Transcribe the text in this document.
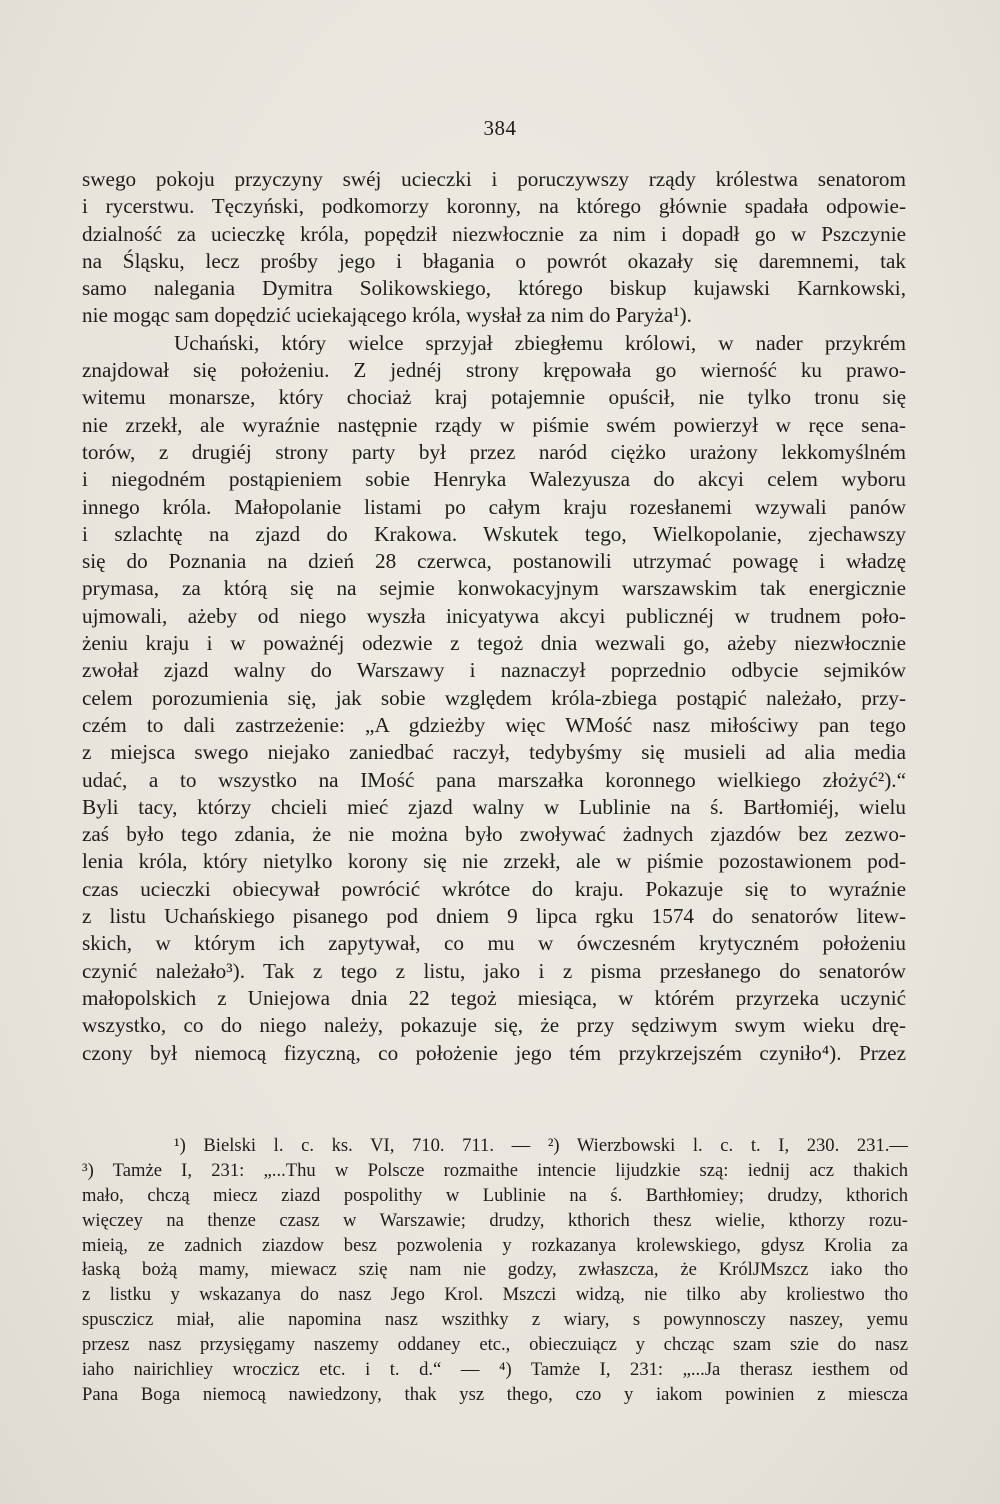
384
swego pokoju przyczyny swéj ucieczki i poruczywszy rządy królestwa senatorom
i rycerstwu. Tęczyński, podkomorzy koronny, na którego głównie spadała odpowie-
dzialność za ucieczkę króla, popędził niezwłocznie za nim i dopadł go w Pszczynie
na Śląsku, lecz prośby jego i błagania o powrót okazały się daremnemi, tak
samo nalegania Dymitra Solikowskiego, którego biskup kujawski Karnkowski,
nie mogąc sam dopędzić uciekającego króla, wysłał za nim do Paryża¹).
Uchański, który wielce sprzyjał zbiegłemu królowi, w nader przykrém
znajdował się położeniu. Z jednéj strony krępowała go wierność ku prawo-
witemu monarsze, który chociaż kraj potajemnie opuścił, nie tylko tronu się
nie zrzekł, ale wyraźnie następnie rządy w piśmie swém powierzył w ręce sena-
torów, z drugiéj strony party był przez naród ciężko urażony lekkomyślném
i niegodném postąpieniem sobie Henryka Walezyusza do akcyi celem wyboru
innego króla. Małopolanie listami po całym kraju rozesłanemi wzywali panów
i szlachtę na zjazd do Krakowa. Wskutek tego, Wielkopolanie, zjechawszy
się do Poznania na dzień 28 czerwca, postanowili utrzymać powagę i władzę
prymasa, za którą się na sejmie konwokacyjnym warszawskim tak energicznie
ujmowali, ażeby od niego wyszła inicyatywa akcyi publicznéj w trudnem poło-
żeniu kraju i w poważnéj odezwie z tegoż dnia wezwali go, ażeby niezwłocznie
zwołał zjazd walny do Warszawy i naznaczył poprzednio odbycie sejmików
celem porozumienia się, jak sobie względem króla-zbiega postąpić należało, przy-
czém to dali zastrzeżenie: „A gdzieżby więc WMość nasz miłościwy pan tego
z miejsca swego niejako zaniedbać raczył, tedybyśmy się musieli ad alia media
udać, a to wszystko na IMość pana marszałka koronnego wielkiego złożyć²).“
Byli tacy, którzy chcieli mieć zjazd walny w Lublinie na ś. Bartłomiéj, wielu
zaś było tego zdania, że nie można było zwoływać żadnych zjazdów bez zezwo-
lenia króla, który nietylko korony się nie zrzekł, ale w piśmie pozostawionem pod-
czas ucieczki obiecywał powrócić wkrótce do kraju. Pokazuje się to wyraźnie
z listu Uchańskiego pisanego pod dniem 9 lipca rgku 1574 do senatorów litew-
skich, w którym ich zapytywał, co mu w ówczesném krytyczném położeniu
czynić należało³). Tak z tego z listu, jako i z pisma przesłanego do senatorów
małopolskich z Uniejowa dnia 22 tegoż miesiąca, w którém przyrzeka uczynić
wszystko, co do niego należy, pokazuje się, że przy sędziwym swym wieku drę-
czony był niemocą fizyczną, co położenie jego tém przykrzejszém czyniło⁴). Przez
¹) Bielski l. c. ks. VI, 710. 711. — ²) Wierzbowski l. c. t. I, 230. 231.—
³) Tamże I, 231: „...Thu w Polscze rozmaithe intencie lijudzkie szą: iednij acz thakich
mało, chczą miecz ziazd pospolithy w Lublinie na ś. Barthłomiey; drudzy, kthorich
więczey na thenze czasz w Warszawie; drudzy, kthorich thesz wielie, kthorzy rozu-
mieią, ze zadnich ziazdow besz pozwolenia y rozkazanya krolewskiego, gdysz Krolia za
łaską bożą mamy, miewacz szię nam nie godzy, zwłaszcza, że KrólJMszcz iako tho
z listku y wskazanya do nasz Jego Krol. Mszczi widzą, nie tilko aby kroliestwo tho
spusczicz miał, alie napomina nasz wszithky z wiary, s powynnosczy naszey, yemu
przesz nasz przysięgamy naszemy oddaney etc., obieczuiącz y chcząc szam szie do nasz
iaho nairichliey wroczicz etc. i t. d.“ — ⁴) Tamże I, 231: „...Ja therasz iesthem od
Pana Boga niemocą nawiedzony, thak ysz thego, czo y iakom powinien z miescza
